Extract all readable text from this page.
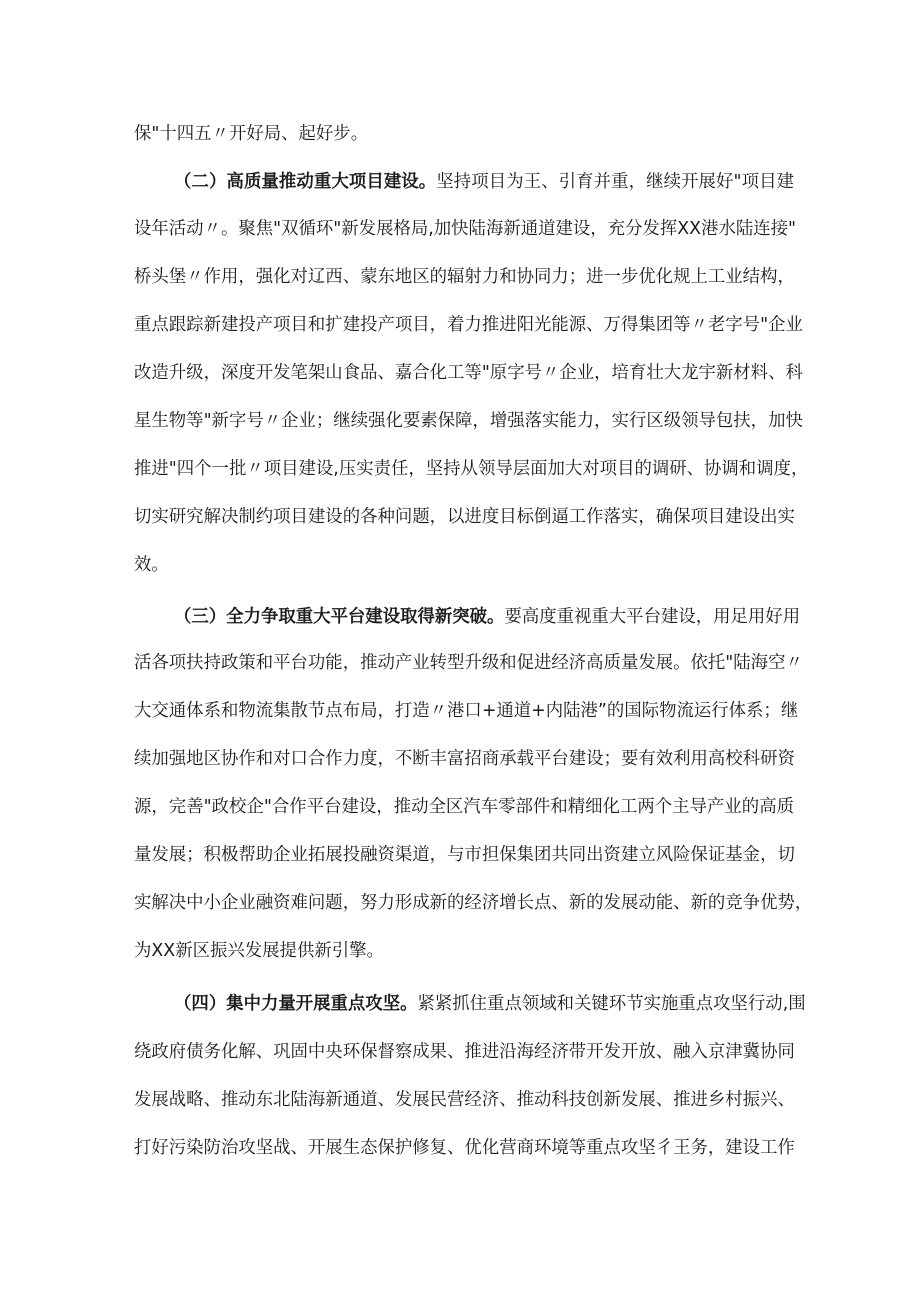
保"十四五〃开好局、起好步。
（二）高质量推动重大项目建设。坚持项目为王、引育并重，继续开展好"项目建
设年活动〃。聚焦"双循环"新发展格局,加快陆海新通道建设，充分发挥XX港水陆连接"
桥头堡〃作用，强化对辽西、蒙东地区的辐射力和协同力；进一步优化规上工业结构，
重点跟踪新建投产项目和扩建投产项目，着力推进阳光能源、万得集团等〃老字号"企业
改造升级，深度开发笔架山食品、嘉合化工等"原字号〃企业，培育壮大龙宇新材料、科
星生物等"新字号〃企业；继续强化要素保障，增强落实能力，实行区级领导包扶，加快
推进"四个一批〃项目建设,压实责任，坚持从领导层面加大对项目的调研、协调和调度，
切实研究解决制约项目建设的各种问题，以进度目标倒逼工作落实，确保项目建设出实
效。
（三）全力争取重大平台建设取得新突破。要高度重视重大平台建设，用足用好用
活各项扶持政策和平台功能，推动产业转型升级和促进经济高质量发展。依托"陆海空〃
大交通体系和物流集散节点布局，打造〃港口+通道+内陆港”的国际物流运行体系；继
续加强地区协作和对口合作力度，不断丰富招商承载平台建设；要有效利用高校科研资
源，完善"政校企"合作平台建设，推动全区汽车零部件和精细化工两个主导产业的高质
量发展；积极帮助企业拓展投融资渠道，与市担保集团共同出资建立风险保证基金，切
实解决中小企业融资难问题，努力形成新的经济增长点、新的发展动能、新的竞争优势，
为XX新区振兴发展提供新引擎。
（四）集中力量开展重点攻坚。紧紧抓住重点领域和关键环节实施重点攻坚行动,围
绕政府债务化解、巩固中央环保督察成果、推进沿海经济带开发开放、融入京津冀协同
发展战略、推动东北陆海新通道、发展民营经济、推动科技创新发展、推进乡村振兴、
打好污染防治攻坚战、开展生态保护修复、优化营商环境等重点攻坚彳王务，建设工作
